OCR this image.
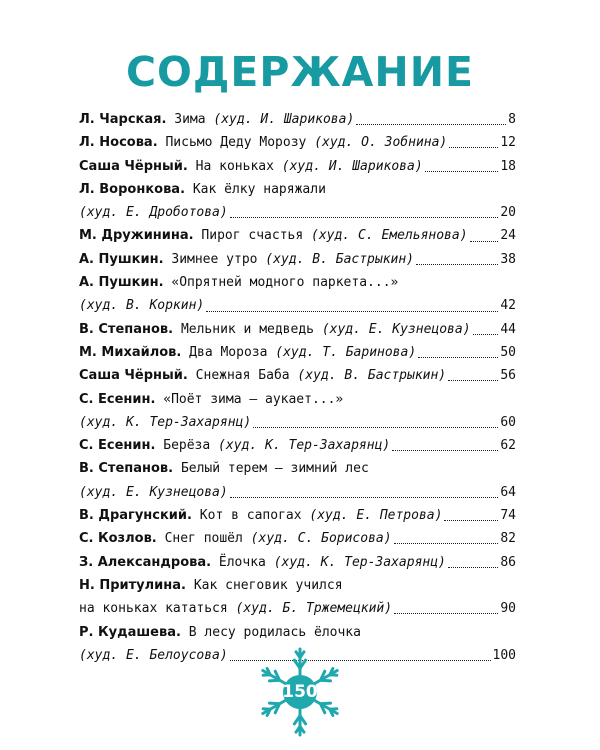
СОДЕРЖАНИЕ
Л. Чарская.
Зима
(худ. И. Шарикова)	8
Л. Носова.
Письмо Деду Морозу
(худ. О. Зобнина)	12
Саша Чёрный.
На коньках
(худ. И. Шарикова)	18
Л. Воронкова.
Как ёлку наряжали
(худ. Е. Дроботова)	20
М. Дружинина.
Пирог счастья
(худ. С. Емельянова)	24
А. Пушкин.
Зимнее утро
(худ. В. Бастрыкин)	38
А. Пушкин.
«Опрятней модного паркета...»
(худ. В. Коркин)	42
В. Степанов.
Мельник и медведь
(худ. Е. Кузнецова) 44
М. Михайлов.
Два Мороза
(худ. Т. Баринова)	50
Саша Чёрный.
Снежная Баба
(худ. В. Бастрыкин)	56
С. Есенин.
«Поёт зима – аукает...»
(худ. К. Тер-Захарянц)	60
С. Есенин.
Берёза
(худ. К. Тер-Захарянц)	62
В. Степанов.
Белый терем – зимний лес
(худ. Е. Кузнецова)	64
В. Драгунский.
Кот в сапогах
(худ. Е. Петрова)	74
С. Козлов.
Снег пошёл
(худ. С. Борисова)	82
З. Александрова.
Ёлочка
(худ. К. Тер-Захарянц)	86
Н. Притулина.
Как снеговик учился
на коньках кататься
(худ. Б. Тржемецкий)	90
Р. Кудашева.
В лесу родилась ёлочка
(худ. Е. Белоусова)	100
150
